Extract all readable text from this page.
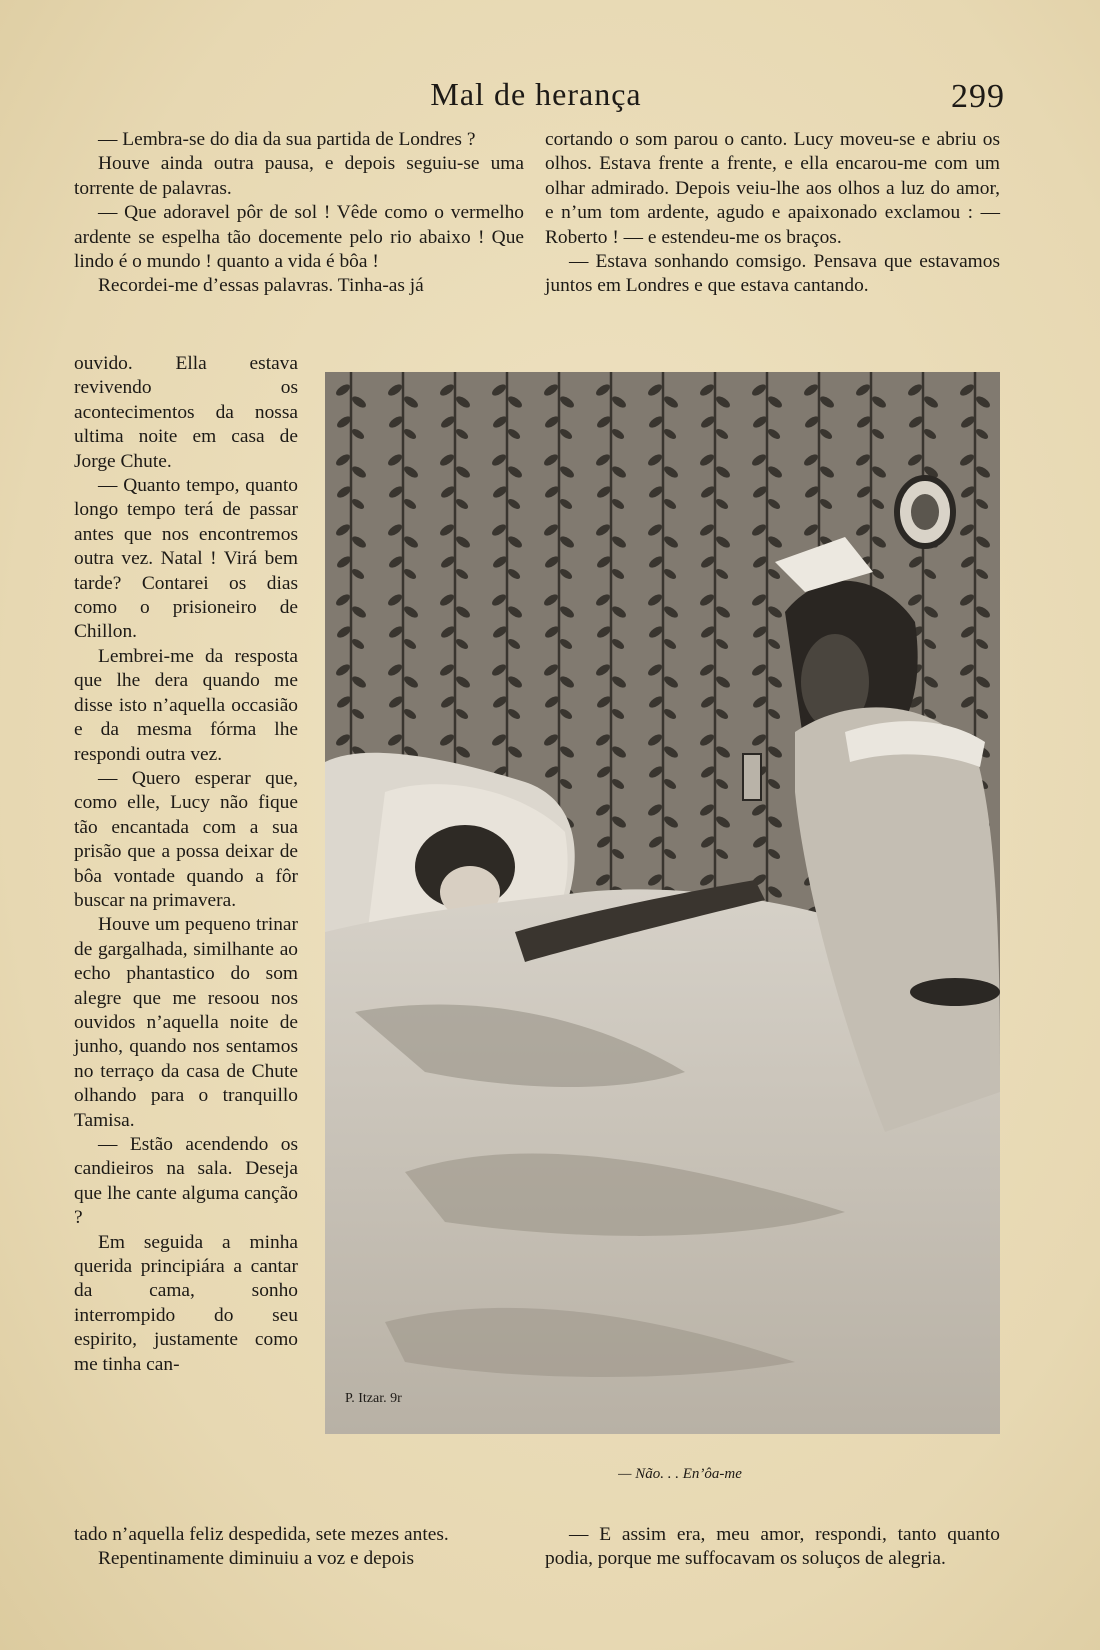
Mal de herança	299

— Lembra-se do dia da sua partida de Londres ?

Houve ainda outra pausa, e depois seguiu-se uma torrente de palavras.

— Que adoravel pôr de sol ! Vêde como o vermelho ardente se espelha tão docemente pelo rio abaixo ! Que lindo é o mundo ! quanto a vida é bôa !

Recordei-me d’essas palavras. Tinha-as já

ouvido. Ella estava revivendo os acontecimentos da nossa ultima noite em casa de Jorge Chute.

— Quanto tempo, quanto longo tempo terá de passar antes que nos encontremos outra vez. Natal ! Virá bem tarde? Contarei os dias como o prisioneiro de Chillon.

Lembrei-me da resposta que lhe dera quando me disse isto n’aquella occasião e da mesma fórma lhe respondi outra vez.

— Quero esperar que, como elle, Lucy não fique tão encantada com a sua prisão que a possa deixar de bôa vontade quando a fôr buscar na primavera.

Houve um pequeno trinar de gargalhada, similhante ao echo phantastico do som alegre que me resoou nos ouvidos n’aquella noite de junho, quando nos sentamos no terraço da casa de Chute olhando para o tranquillo Tamisa.

— Estão acendendo os candieiros na sala. Deseja que lhe cante alguma canção ?

Em seguida a minha querida principiára a cantar da cama, sonho interrompido do seu espirito, justamente como me tinha can-

tado n’aquella feliz despedida, sete mezes antes.

Repentinamente diminuiu a voz e depois

cortando o som parou o canto. Lucy moveu-se e abriu os olhos. Estava frente a frente, e ella encarou-me com um olhar admirado. Depois veiu-lhe aos olhos a luz do amor, e n’um tom ardente, agudo e apaixonado exclamou : — Roberto ! — e estendeu-me os braços.

— Estava sonhando comsigo. Pensava que estavamos juntos em Londres e que estava cantando.

— E assim era, meu amor, respondi, tanto quanto podia, porque me suffocavam os soluços de alegria.

P. Itzar. 9r
— Não. . . En’ôa-me
